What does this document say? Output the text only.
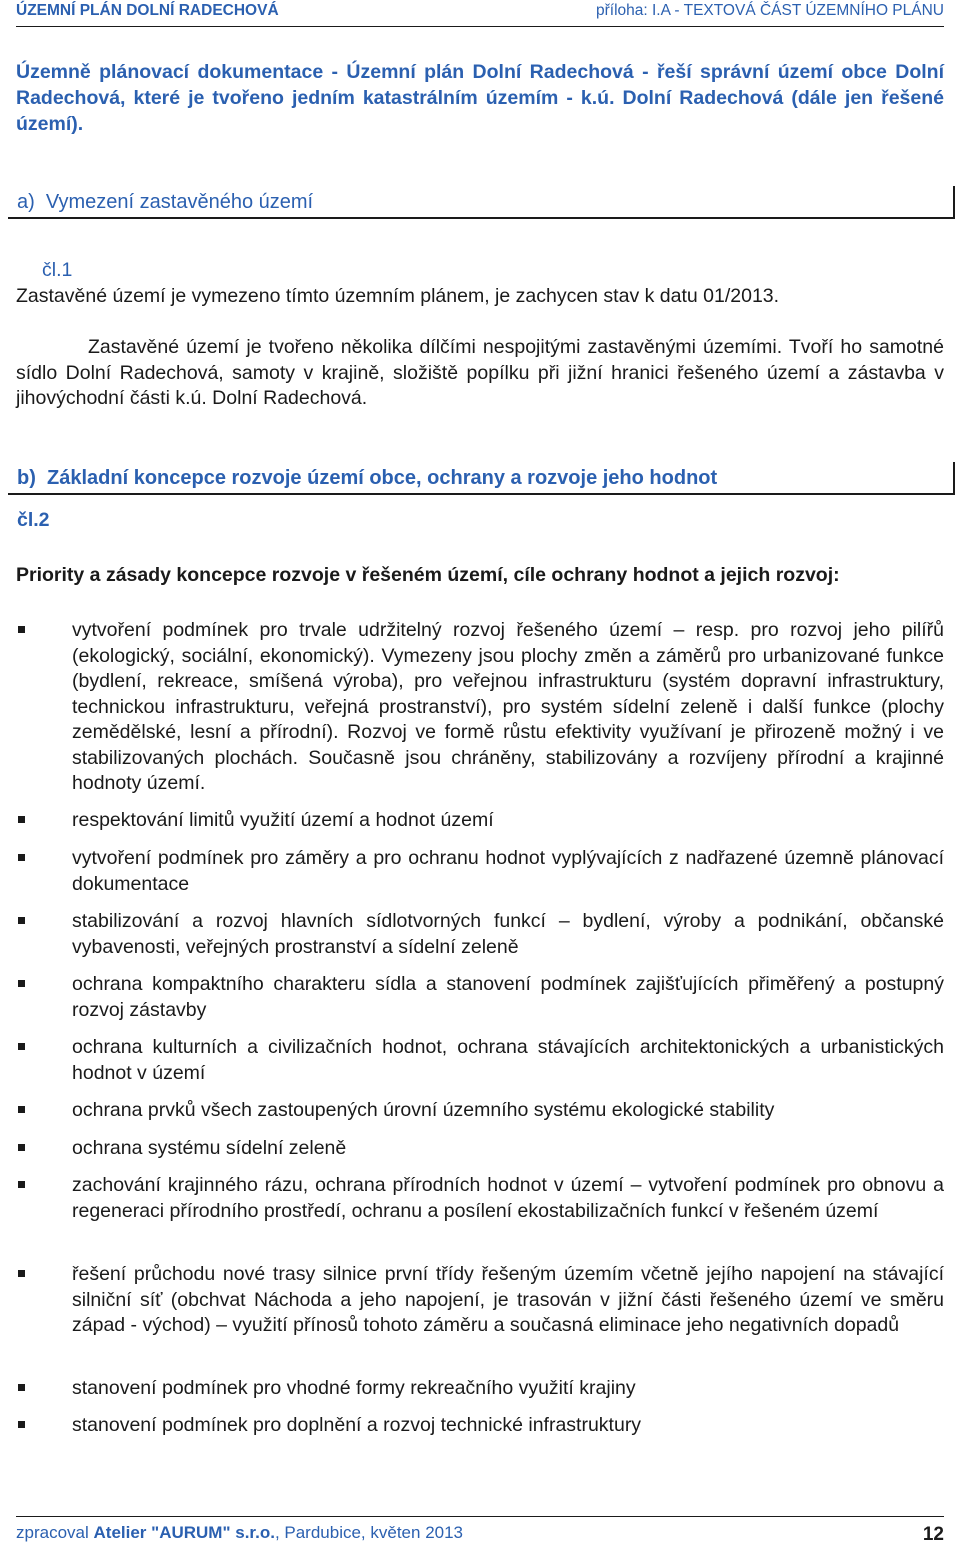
ÚZEMNÍ PLÁN DOLNÍ RADECHOVÁ	příloha: I.A - TEXTOVÁ ČÁST ÚZEMNÍHO PLÁNU

Územně plánovací dokumentace - Územní plán Dolní Radechová - řeší správní území obce Dolní Radechová, které je tvořeno jedním katastrálním územím - k.ú. Dolní Radechová (dále jen řešené území).

a) Vymezení zastavěného území

čl.1

Zastavěné území je vymezeno tímto územním plánem, je zachycen stav k datu 01/2013.

Zastavěné území je tvořeno několika dílčími nespojitými zastavěnými územími. Tvoří ho samotné sídlo Dolní Radechová, samoty v krajině, složiště popílku při jižní hranici řešeného území a zástavba v jihovýchodní části k.ú. Dolní Radechová.

b) Základní koncepce rozvoje území obce, ochrany a rozvoje jeho hodnot

čl.2

Priority a zásady koncepce rozvoje v řešeném území, cíle ochrany hodnot a jejich rozvoj:

vytvoření podmínek pro trvale udržitelný rozvoj řešeného území – resp. pro rozvoj jeho pilířů (ekologický, sociální, ekonomický). Vymezeny jsou plochy změn a záměrů pro urbanizované funkce (bydlení, rekreace, smíšená výroba), pro veřejnou infrastrukturu (systém dopravní infrastruktury, technickou infrastrukturu, veřejná prostranství), pro systém sídelní zeleně i další funkce (plochy zemědělské, lesní a přírodní). Rozvoj ve formě růstu efektivity využívaní je přirozeně možný i ve stabilizovaných plochách. Současně jsou chráněny, stabilizovány a rozvíjeny přírodní a krajinné hodnoty území.
respektování limitů využití území a hodnot území
vytvoření podmínek pro záměry a pro ochranu hodnot vyplývajících z nadřazené územně plánovací dokumentace
stabilizování a rozvoj hlavních sídlotvorných funkcí – bydlení, výroby a podnikání, občanské vybavenosti, veřejných prostranství a sídelní zeleně
ochrana kompaktního charakteru sídla a stanovení podmínek zajišťujících přiměřený a postupný rozvoj zástavby
ochrana kulturních a civilizačních hodnot, ochrana stávajících architektonických a urbanistických hodnot v území
ochrana prvků všech zastoupených úrovní územního systému ekologické stability
ochrana systému sídelní zeleně
zachování krajinného rázu, ochrana přírodních hodnot v území – vytvoření podmínek pro obnovu a regeneraci přírodního prostředí, ochranu a posílení ekostabilizačních funkcí v řešeném území
řešení průchodu nové trasy silnice první třídy řešeným územím včetně jejího napojení na stávající silniční síť (obchvat Náchoda a jeho napojení, je trasován v jižní části řešeného území ve směru západ - východ) – využití přínosů tohoto záměru a současná eliminace jeho negativních dopadů
stanovení podmínek pro vhodné formy rekreačního využití krajiny
stanovení podmínek pro doplnění a rozvoj technické infrastruktury
zpracoval Atelier "AURUM" s.r.o., Pardubice, květen 2013	12
